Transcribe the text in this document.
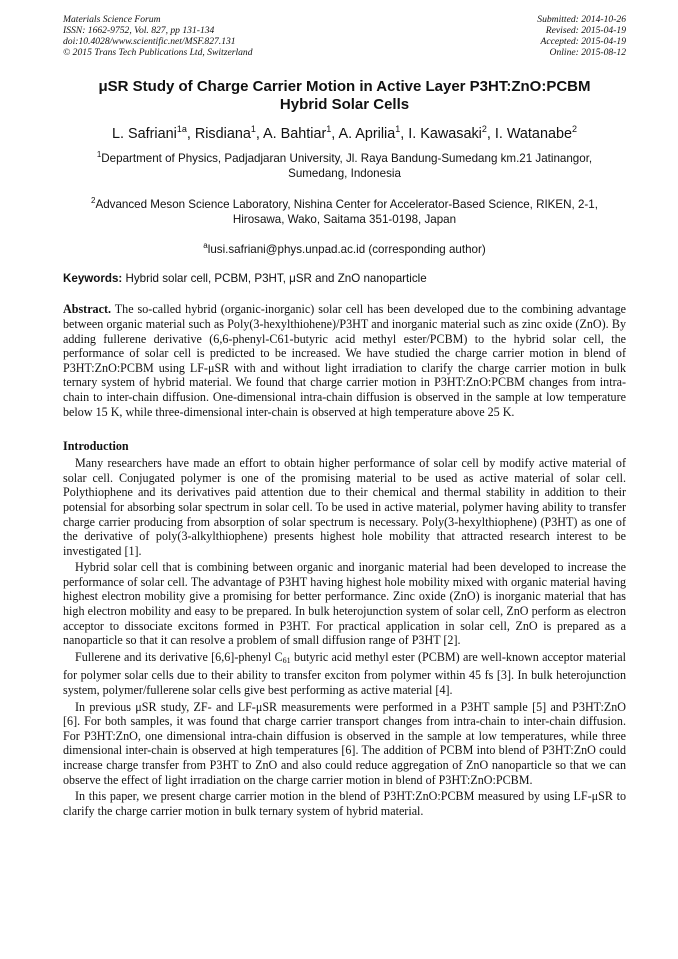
Materials Science Forum
ISSN: 1662-9752, Vol. 827, pp 131-134
doi:10.4028/www.scientific.net/MSF.827.131
© 2015 Trans Tech Publications Ltd, Switzerland
Submitted: 2014-10-26
Revised: 2015-04-19
Accepted: 2015-04-19
Online: 2015-08-12
μSR Study of Charge Carrier Motion in Active Layer P3HT:ZnO:PCBM
Hybrid Solar Cells
L. Safriani$^{1a}$, Risdiana$^1$, A. Bahtiar$^1$, A. Aprilia$^1$, I. Kawasaki$^2$, I. Watanabe$^2$
$^1$Department of Physics, Padjadjaran University, Jl. Raya Bandung-Sumedang km.21 Jatinangor,
Sumedang, Indonesia
$^2$Advanced Meson Science Laboratory, Nishina Center for Accelerator-Based Science, RIKEN, 2-1,
Hirosawa, Wako, Saitama 351-0198, Japan
$^a$lusi.safriani@phys.unpad.ac.id (corresponding author)
Keywords: Hybrid solar cell, PCBM, P3HT, μSR and ZnO nanoparticle
Abstract. The so-called hybrid (organic-inorganic) solar cell has been developed due to the combining advantage between organic material such as Poly(3-hexylthiohene)/P3HT and inorganic material such as zinc oxide (ZnO). By adding fullerene derivative (6,6-phenyl-C61-butyric acid methyl ester/PCBM) to the hybrid solar cell, the performance of solar cell is predicted to be increased. We have studied the charge carrier motion in blend of P3HT:ZnO:PCBM using LF-μSR with and without light irradiation to clarify the charge carrier motion in bulk ternary system of hybrid material. We found that charge carrier motion in P3HT:ZnO:PCBM changes from intra-chain to inter-chain diffusion. One-dimensional intra-chain diffusion is observed in the sample at low temperature below 15 K, while three-dimensional inter-chain is observed at high temperature above 25 K.
Introduction
Many researchers have made an effort to obtain higher performance of solar cell by modify active material of solar cell. Conjugated polymer is one of the promising material to be used as active material of solar cell. Polythiophene and its derivatives paid attention due to their chemical and thermal stability in addition to their potensial for absorbing solar spectrum in solar cell. To be used in active material, polymer having ability to transfer charge carrier producing from absorption of solar spectrum is necessary. Poly(3-hexylthiophene) (P3HT) as one of the derivative of poly(3-alkylthiophene) presents highest hole mobility that attracted research interest to be investigated [1].
Hybrid solar cell that is combining between organic and inorganic material had been developed to increase the performance of solar cell. The advantage of P3HT having highest hole mobility mixed with organic material having highest electron mobility give a promising for better performance. Zinc oxide (ZnO) is inorganic material that has high electron mobility and easy to be prepared. In bulk heterojunction system of solar cell, ZnO perform as electron acceptor to dissociate excitons formed in P3HT. For practical application in solar cell, ZnO is prepared as a nanoparticle so that it can resolve a problem of small diffusion range of P3HT [2].
Fullerene and its derivative [6,6]-phenyl $C_{61}$ butyric acid methyl ester (PCBM) are well-known acceptor material for polymer solar cells due to their ability to transfer exciton from polymer within 45 fs [3]. In bulk heterojunction system, polymer/fullerene solar cells give best performing as active material [4].
In previous μSR study, ZF- and LF-μSR measurements were performed in a P3HT sample [5] and P3HT:ZnO [6]. For both samples, it was found that charge carrier transport changes from intra-chain to inter-chain diffusion. For P3HT:ZnO, one dimensional intra-chain diffusion is observed in the sample at low temperatures, while three dimensional inter-chain is observed at high temperatures [6]. The addition of PCBM into blend of P3HT:ZnO could increase charge transfer from P3HT to ZnO and also could reduce aggregation of ZnO nanoparticle so that we can observe the effect of light irradiation on the charge carrier motion in blend of P3HT:ZnO:PCBM.
In this paper, we present charge carrier motion in the blend of P3HT:ZnO:PCBM measured by using LF-μSR to clarify the charge carrier motion in bulk ternary system of hybrid material.
